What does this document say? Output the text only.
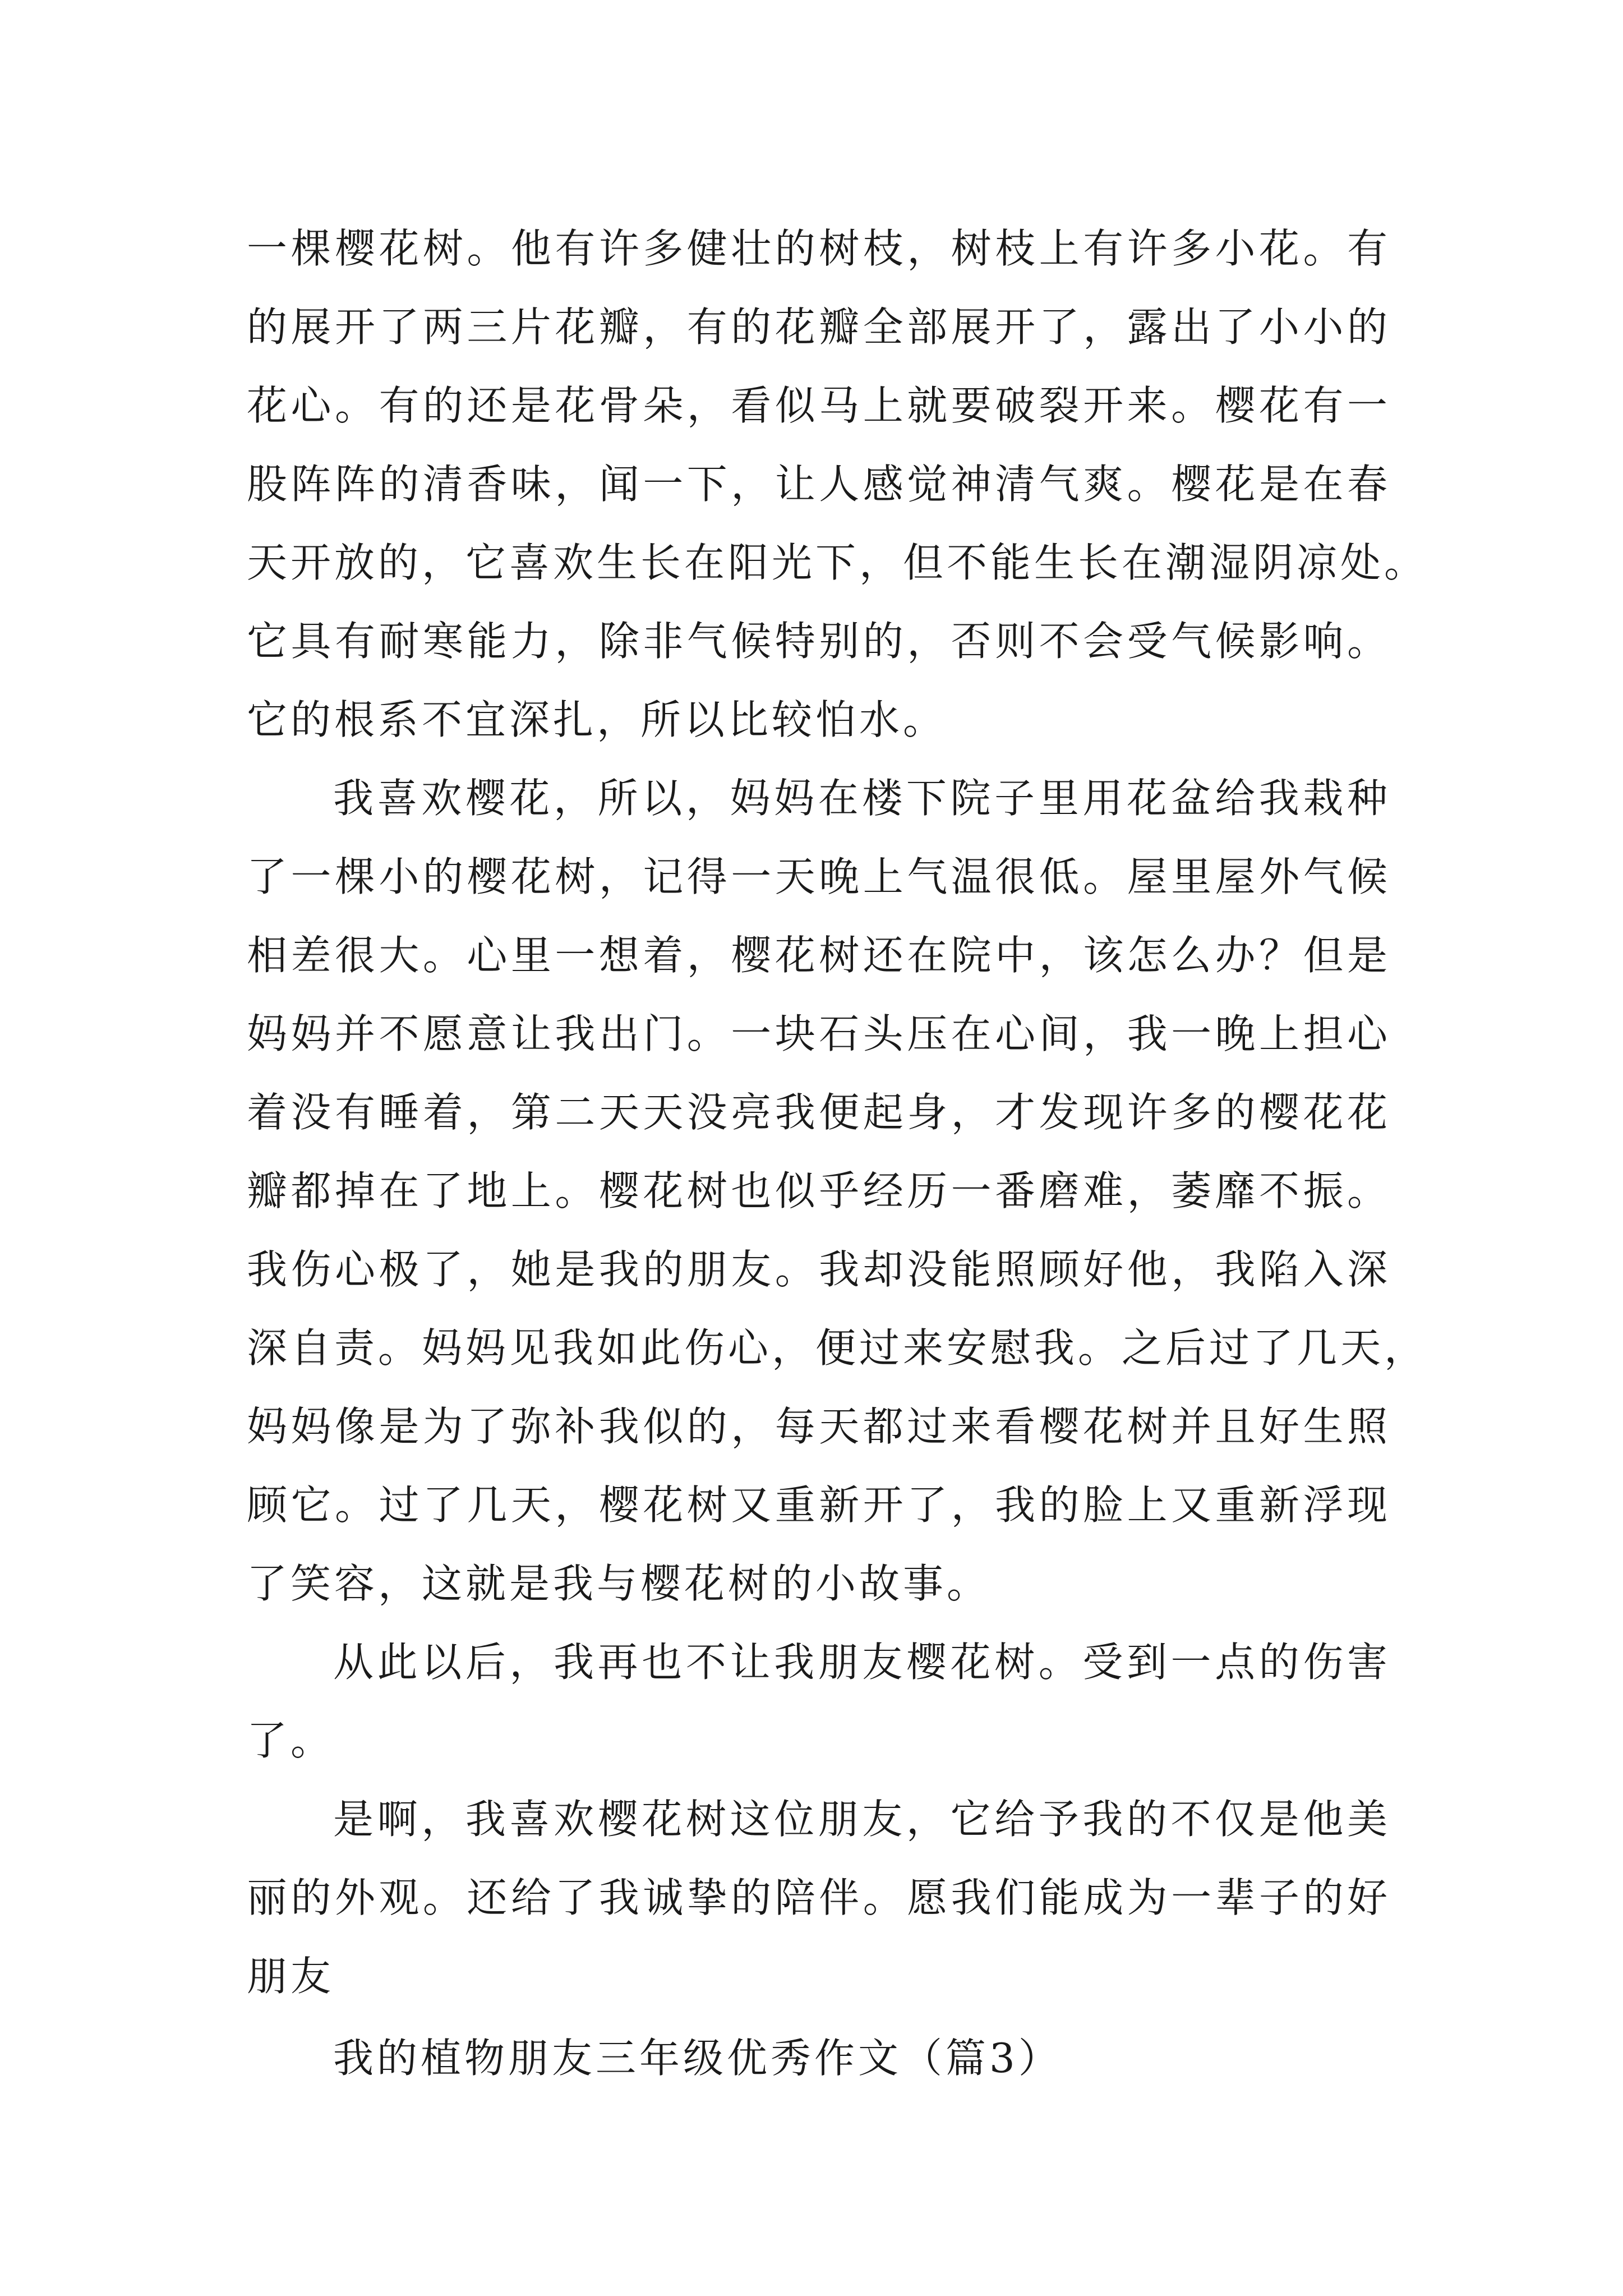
一棵樱花树。他有许多健壮的树枝，树枝上有许多小花。有
的展开了两三片花瓣，有的花瓣全部展开了，露出了小小的
花心。有的还是花骨朵，看似马上就要破裂开来。樱花有一
股阵阵的清香味，闻一下，让人感觉神清气爽。樱花是在春
天开放的，它喜欢生长在阳光下，但不能生长在潮湿阴凉处。
它具有耐寒能力，除非气候特别的，否则不会受气候影响。
它的根系不宜深扎，所以比较怕水。
我喜欢樱花，所以，妈妈在楼下院子里用花盆给我栽种
了一棵小的樱花树，记得一天晚上气温很低。屋里屋外气候
相差很大。心里一想着，樱花树还在院中，该怎么办？但是
妈妈并不愿意让我出门。一块石头压在心间，我一晚上担心
着没有睡着，第二天天没亮我便起身，才发现许多的樱花花
瓣都掉在了地上。樱花树也似乎经历一番磨难，萎靡不振。
我伤心极了，她是我的朋友。我却没能照顾好他，我陷入深
深自责。妈妈见我如此伤心，便过来安慰我。之后过了几天，
妈妈像是为了弥补我似的，每天都过来看樱花树并且好生照
顾它。过了几天，樱花树又重新开了，我的脸上又重新浮现
了笑容，这就是我与樱花树的小故事。
从此以后，我再也不让我朋友樱花树。受到一点的伤害
了。
是啊，我喜欢樱花树这位朋友，它给予我的不仅是他美
丽的外观。还给了我诚挚的陪伴。愿我们能成为一辈子的好
朋友
我的植物朋友三年级优秀作文（篇3）
